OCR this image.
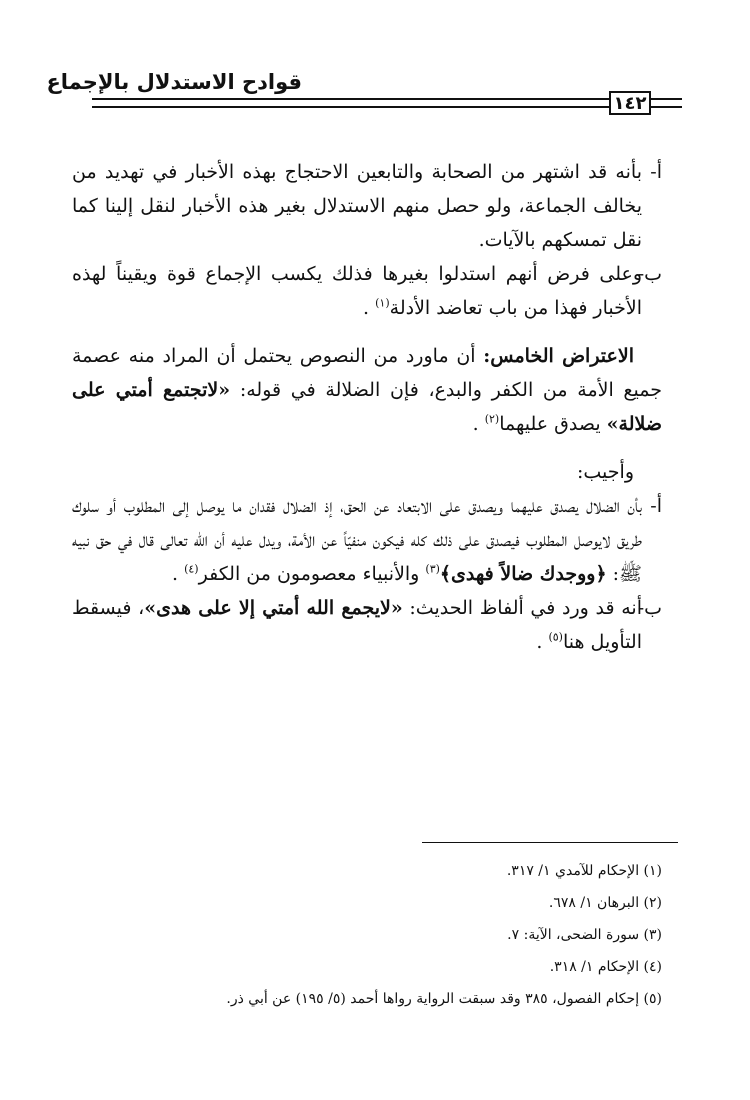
قوادح الاستدلال بالإجماع
١٤٢
أ-
بأنه قد اشتهر من الصحابة والتابعين الاحتجاج بهذه الأخبار في تهديد من يخالف الجماعة، ولو حصل منهم الاستدلال بغير هذه الأخبار لنقل إلينا كما نقل تمسكهم بالآيات.
ب-
وعلى فرض أنهم استدلوا بغيرها فذلك يكسب الإجماع قوة ويقيناً لهذه الأخبار فهذا من باب تعاضد الأدلة$^{(١)}$ .

الاعتراض الخامس: أن ماورد من النصوص يحتمل أن المراد منه عصمة جميع الأمة من الكفر والبدع، فإن الضلالة في قوله: «لاتجتمع أمتي على ضلالة» يصدق عليهما$^{(٢)}$ .

وأجيب:

أ-
بأن الضلال يصدق عليهما ويصدق على الابتعاد عن الحق، إذ الضلال فقدان ما يوصل إلى المطلوب أو سلوك طريق لايوصل المطلوب فيصدق على ذلك كله فيكون منفيّاً عن الأمة، ويدل عليه أن الله تعالى قال في حق نبيه ﷺ: ﴿ووجدك ضالاً فهدى﴾$^{(٣)}$ والأنبياء معصومون من الكفر$^{(٤)}$ .
ب-
أنه قد ورد في ألفاظ الحديث: «لايجمع الله أمتي إلا على هدى»، فيسقط التأويل هنا$^{(٥)}$ .

(١) الإحكام للآمدي ١/ ٣١٧.

(٢) البرهان ١/ ٦٧٨.

(٣) سورة الضحى، الآية: ٧.

(٤) الإحكام ١/ ٣١٨.

(٥) إحكام الفصول، ٣٨٥ وقد سبقت الرواية رواها أحمد (٥/ ١٩٥) عن أبي ذر.
